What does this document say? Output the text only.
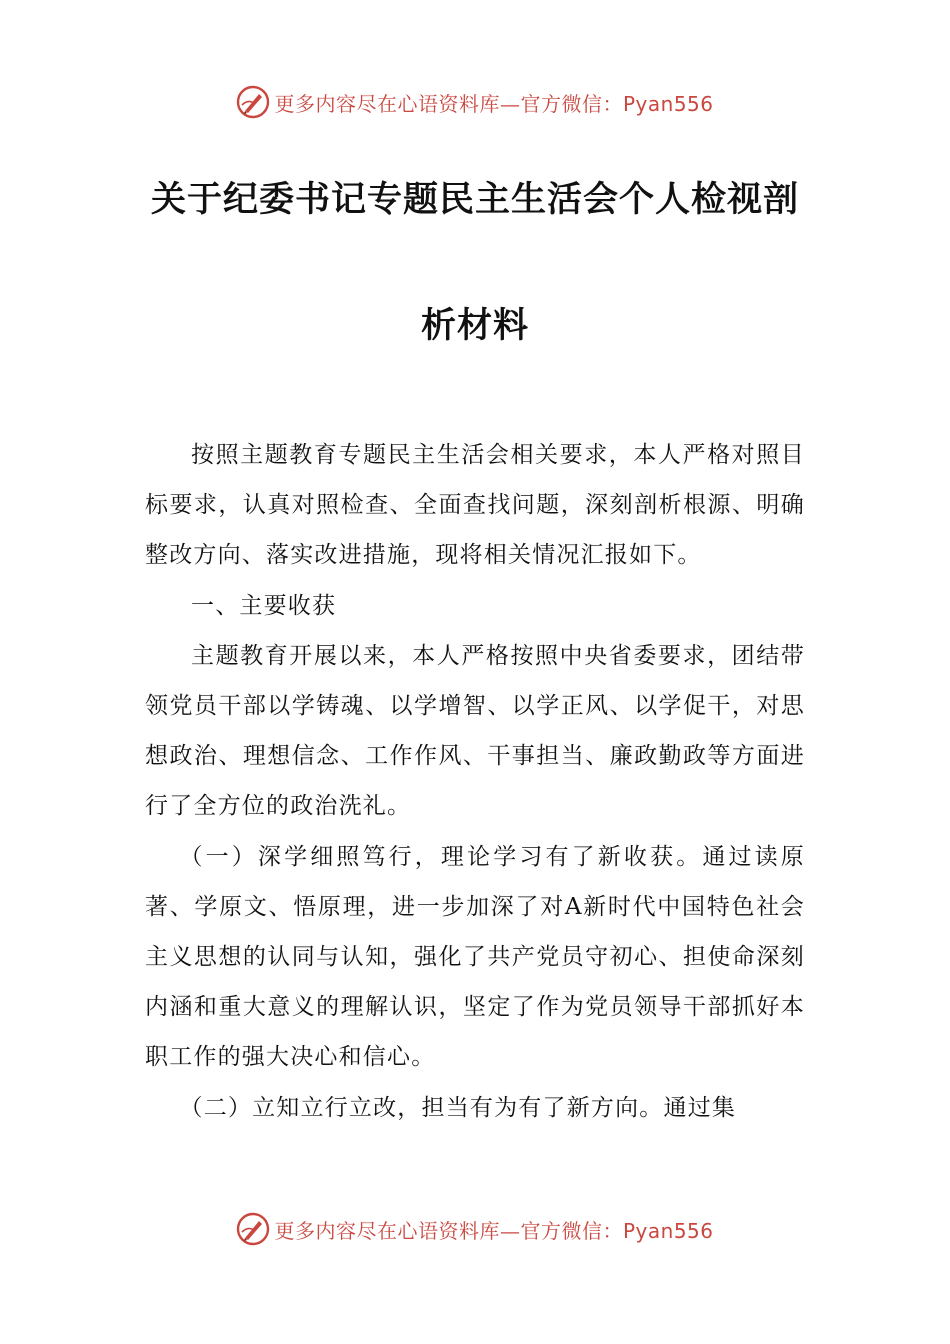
更多内容尽在心语资料库—官方微信：Pyan556
关于纪委书记专题民主生活会个人检视剖
析材料

按照主题教育专题民主生活会相关要求，本人严格对照目标要求，认真对照检查、全面查找问题，深刻剖析根源、明确整改方向、落实改进措施，现将相关情况汇报如下。

一、主要收获

主题教育开展以来，本人严格按照中央省委要求，团结带领党员干部以学铸魂、以学增智、以学正风、以学促干，对思想政治、理想信念、工作作风、干事担当、廉政勤政等方面进行了全方位的政治洗礼。

（一）深学细照笃行，理论学习有了新收获。通过读原著、学原文、悟原理，进一步加深了对A新时代中国特色社会主义思想的认同与认知，强化了共产党员守初心、担使命深刻内涵和重大意义的理解认识，坚定了作为党员领导干部抓好本职工作的强大决心和信心。

（二）立知立行立改，担当有为有了新方向。通过集

更多内容尽在心语资料库—官方微信：Pyan556
